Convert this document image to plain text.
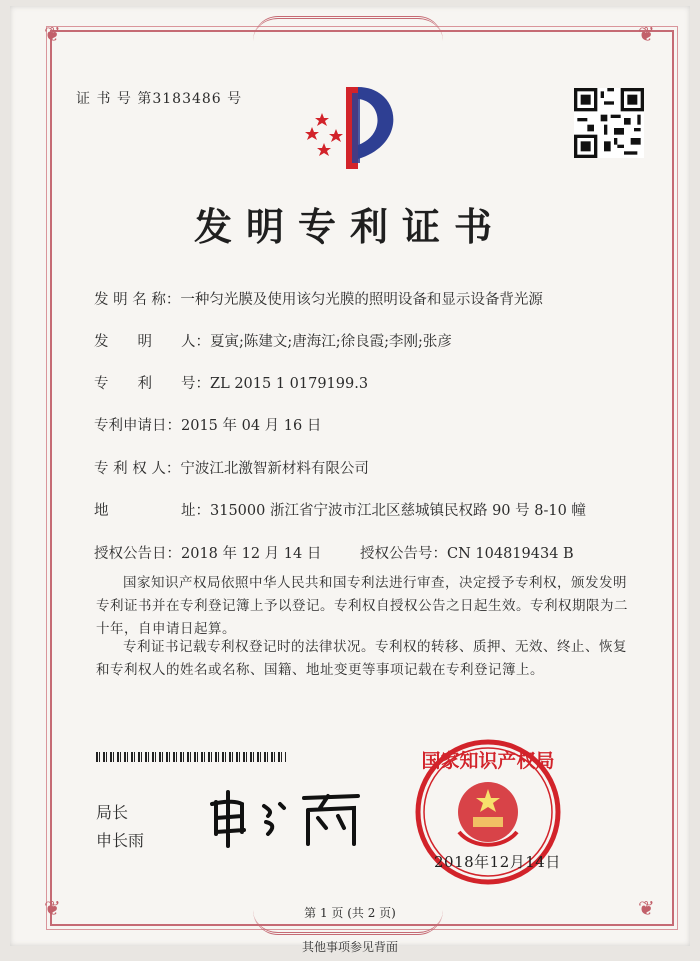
❦	❦
❦	❦
证 书 号 第3183486 号
发明专利证书
发 明 名 称：一种匀光膜及使用该匀光膜的照明设备和显示设备背光源
发　　明　　人：夏寅;陈建文;唐海江;徐良霞;李刚;张彦
专　　利　　号：ZL 2015 1 0179199.3
专利申请日：2015 年 04 月 16 日
专 利 权 人：宁波江北激智新材料有限公司
地　　　　　址：315000 浙江省宁波市江北区慈城镇民权路 90 号 8-10 幢
授权公告日：2018 年 12 月 14 日	授权公告号：CN 104819434 B
国家知识产权局依照中华人民共和国专利法进行审查，决定授予专利权，颁发发明专利证书并在专利登记簿上予以登记。专利权自授权公告之日起生效。专利权期限为二十年，自申请日起算。
专利证书记载专利权登记时的法律状况。专利权的转移、质押、无效、终止、恢复和专利权人的姓名或名称、国籍、地址变更等事项记载在专利登记簿上。
局长
申长雨
国家知识产权局
2018年12月14日
第 1 页 (共 2 页)
其他事项参见背面
